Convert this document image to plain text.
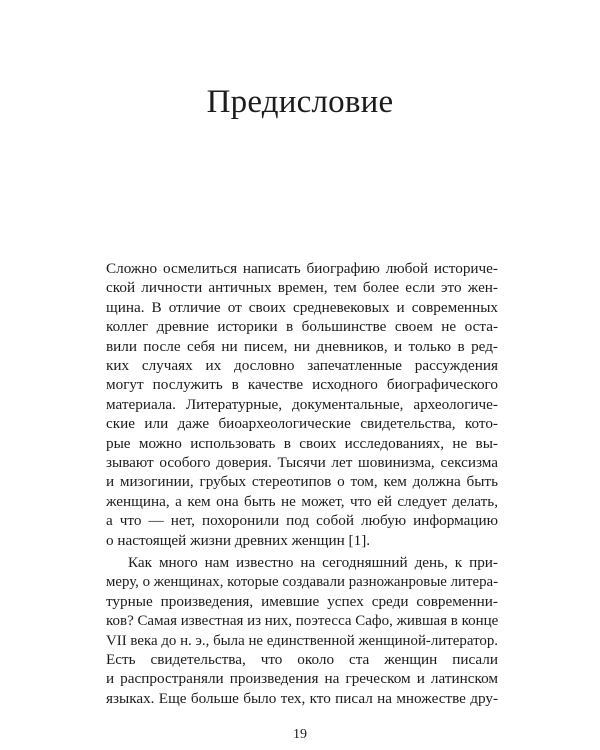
Предисловие
Сложно осмелиться написать биографию любой историче-
ской личности античных времен, тем более если это жен-
щина. В отличие от своих средневековых и современных
коллег древние историки в большинстве своем не оста-
вили после себя ни писем, ни дневников, и только в ред-
ких случаях их дословно запечатленные рассуждения
могут послужить в качестве исходного биографического
материала. Литературные, документальные, археологиче-
ские или даже биоархеологические свидетельства, кото-
рые можно использовать в своих исследованиях, не вы-
зывают особого доверия. Тысячи лет шовинизма, сексизма
и мизогинии, грубых стереотипов о том, кем должна быть
женщина, а кем она быть не может, что ей следует делать,
а что — нет, похоронили под собой любую информацию
о настоящей жизни древних женщин [1].
Как много нам известно на сегодняшний день, к при-
меру, о женщинах, которые создавали разножанровые литера-
турные произведения, имевшие успех среди современни-
ков? Самая известная из них, поэтесса Сафо, жившая в конце
VII века до н. э., была не единственной женщиной-литератор.
Есть свидетельства, что около ста женщин писали
и распространяли произведения на греческом и латинском
языках. Еще больше было тех, кто писал на множестве дру-
19
